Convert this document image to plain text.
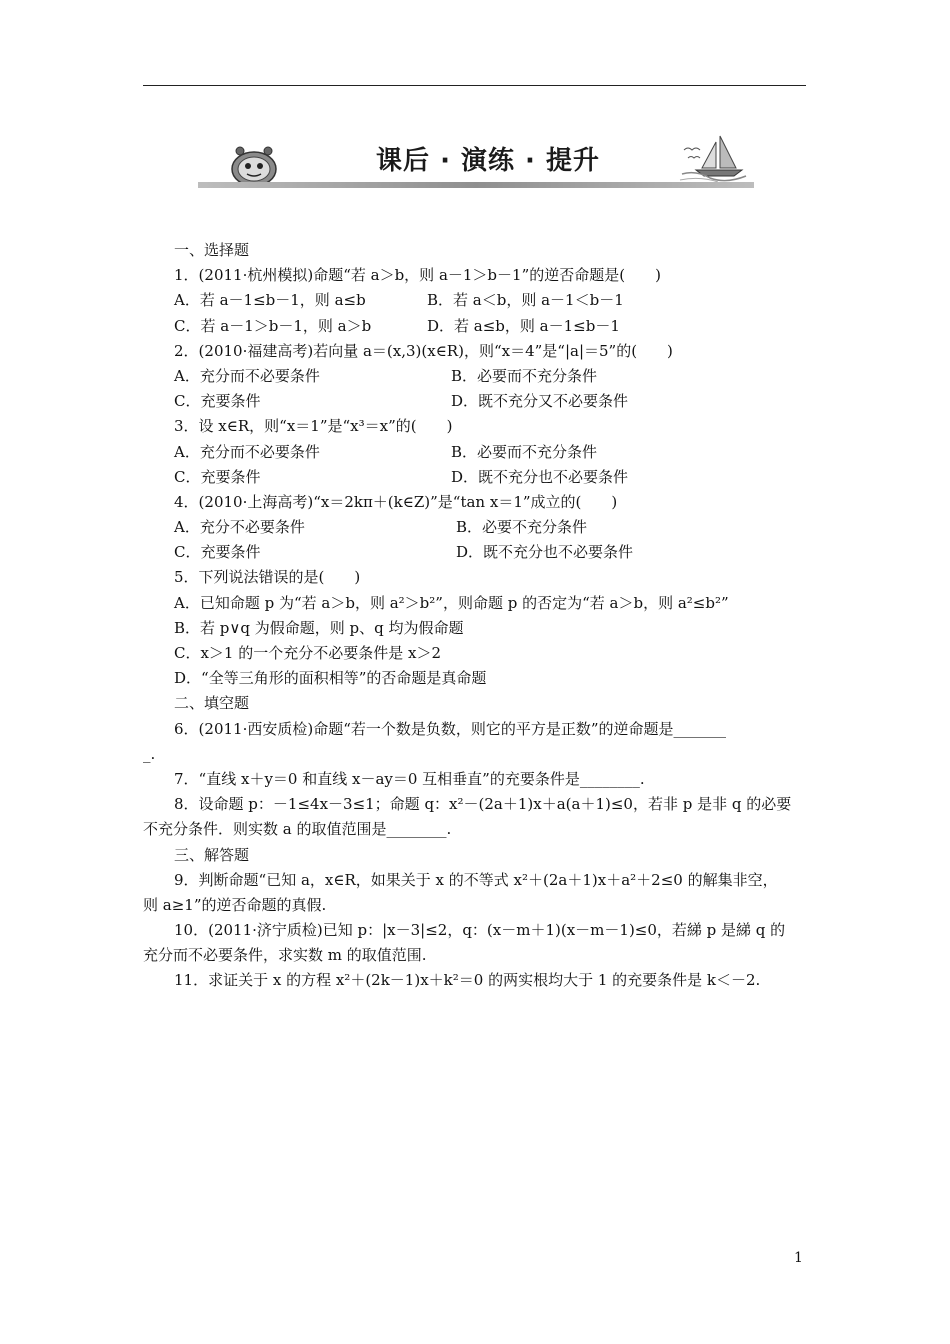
课后 · 演练 · 提升
一、选择题
1．(2011·杭州模拟)命题“若 a＞b，则 a－1＞b－1”的逆否命题是(　　)
A．若 a－1≤b－1，则 a≤b	B．若 a＜b，则 a－1＜b－1
C．若 a－1＞b－1，则 a＞b	D．若 a≤b，则 a－1≤b－1
2．(2010·福建高考)若向量 a＝(x,3)(x∈R)，则“x＝4”是“|a|＝5”的(　　)
A．充分而不必要条件	B．必要而不充分条件
C．充要条件	D．既不充分又不必要条件
3．设 x∈R，则“x＝1”是“x³＝x”的(　　)
A．充分而不必要条件	B．必要而不充分条件
C．充要条件	D．既不充分也不必要条件
4．(2010·上海高考)“x＝2kπ＋(k∈Z)”是“tan x＝1”成立的(　　)
A．充分不必要条件	B．必要不充分条件
C．充要条件	D．既不充分也不必要条件
5．下列说法错误的是(　　)
A．已知命题 p 为“若 a＞b，则 a²＞b²”，则命题 p 的否定为“若 a＞b，则 a²≤b²”
B．若 p∨q 为假命题，则 p、q 均为假命题
C．x＞1 的一个充分不必要条件是 x＞2
D．“全等三角形的面积相等”的否命题是真命题
二、填空题
6．(2011·西安质检)命题“若一个数是负数，则它的平方是正数”的逆命题是_______
_.
7．“直线 x＋y＝0 和直线 x－ay＝0 互相垂直”的充要条件是________.
8．设命题 p：－1≤4x－3≤1；命题 q：x²－(2a＋1)x＋a(a＋1)≤0，若非 p 是非 q 的必要
不充分条件．则实数 a 的取值范围是________.
三、解答题
9．判断命题“已知 a，x∈R，如果关于 x 的不等式 x²＋(2a＋1)x＋a²＋2≤0 的解集非空，
则 a≥1”的逆否命题的真假.
10．(2011·济宁质检)已知 p：|x－3|≤2，q：(x－m＋1)(x－m－1)≤0，若綈 p 是綈 q 的
充分而不必要条件，求实数 m 的取值范围.
11．求证关于 x 的方程 x²＋(2k－1)x＋k²＝0 的两实根均大于 1 的充要条件是 k＜－2.
1
